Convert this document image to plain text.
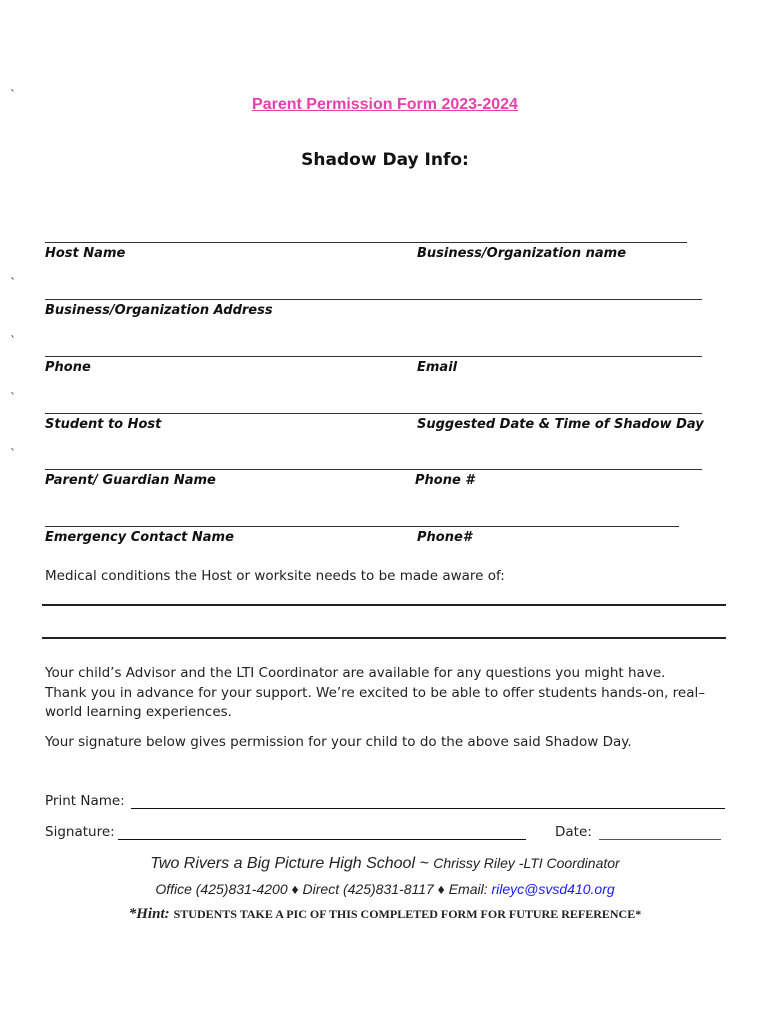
`
`
`
`
`
Parent Permission Form 2023-2024
Shadow Day Info:
Host Name	Business/Organization name
Business/Organization Address
Phone	Email
Student to Host	Suggested Date & Time of Shadow Day
Parent/ Guardian Name	Phone #
Emergency Contact Name	Phone#
Medical conditions the Host or worksite needs to be made aware of:
Your child’s Advisor and the LTI Coordinator are available for any questions you might have. Thank you in advance for your support. We’re excited to be able to offer students hands-on, real–world learning experiences.
Your signature below gives permission for your child to do the above said Shadow Day.
Print Name:
Signature:	Date:
Two Rivers a Big Picture High School ~ Chrissy Riley -LTI Coordinator
Office (425)831-4200 ♦ Direct (425)831-8117 ♦ Email: rileyc@svsd410.org
*Hint: STUDENTS TAKE A PIC OF THIS COMPLETED FORM FOR FUTURE REFERENCE*
